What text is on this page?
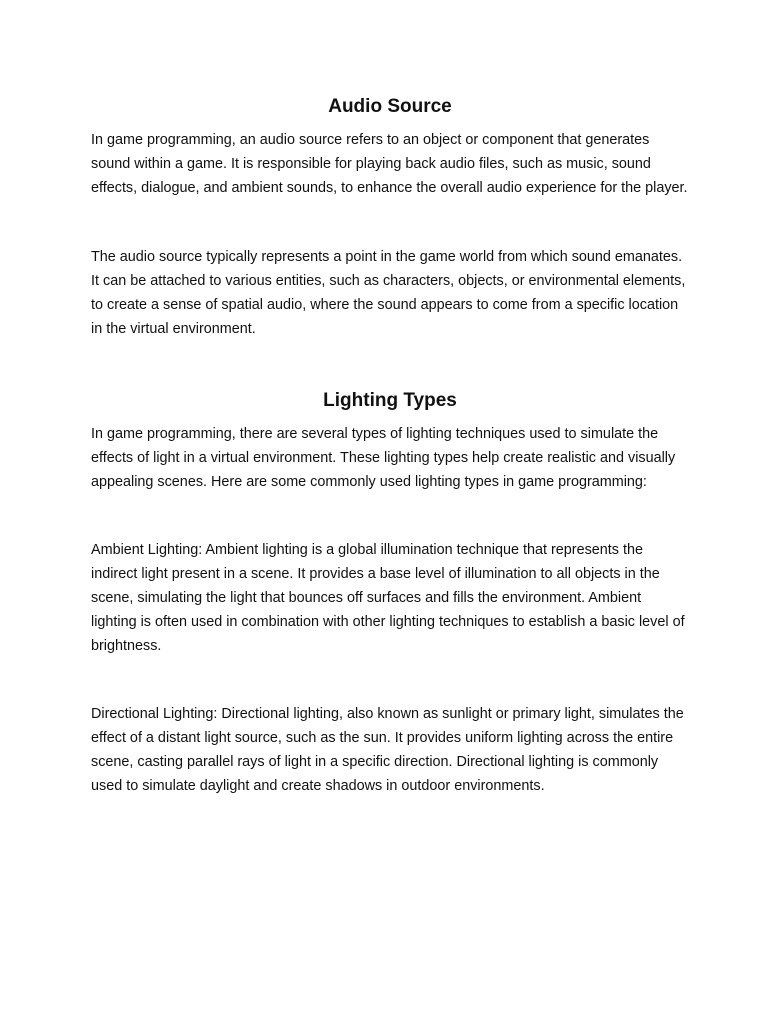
Audio Source

In game programming, an audio source refers to an object or component that generates sound within a game. It is responsible for playing back audio files, such as music, sound effects, dialogue, and ambient sounds, to enhance the overall audio experience for the player.

The audio source typically represents a point in the game world from which sound emanates. It can be attached to various entities, such as characters, objects, or environmental elements, to create a sense of spatial audio, where the sound appears to come from a specific location in the virtual environment.

Lighting Types

In game programming, there are several types of lighting techniques used to simulate the effects of light in a virtual environment. These lighting types help create realistic and visually appealing scenes. Here are some commonly used lighting types in game programming:

Ambient Lighting: Ambient lighting is a global illumination technique that represents the indirect light present in a scene. It provides a base level of illumination to all objects in the scene, simulating the light that bounces off surfaces and fills the environment. Ambient lighting is often used in combination with other lighting techniques to establish a basic level of brightness.

Directional Lighting: Directional lighting, also known as sunlight or primary light, simulates the effect of a distant light source, such as the sun. It provides uniform lighting across the entire scene, casting parallel rays of light in a specific direction. Directional lighting is commonly used to simulate daylight and create shadows in outdoor environments.
